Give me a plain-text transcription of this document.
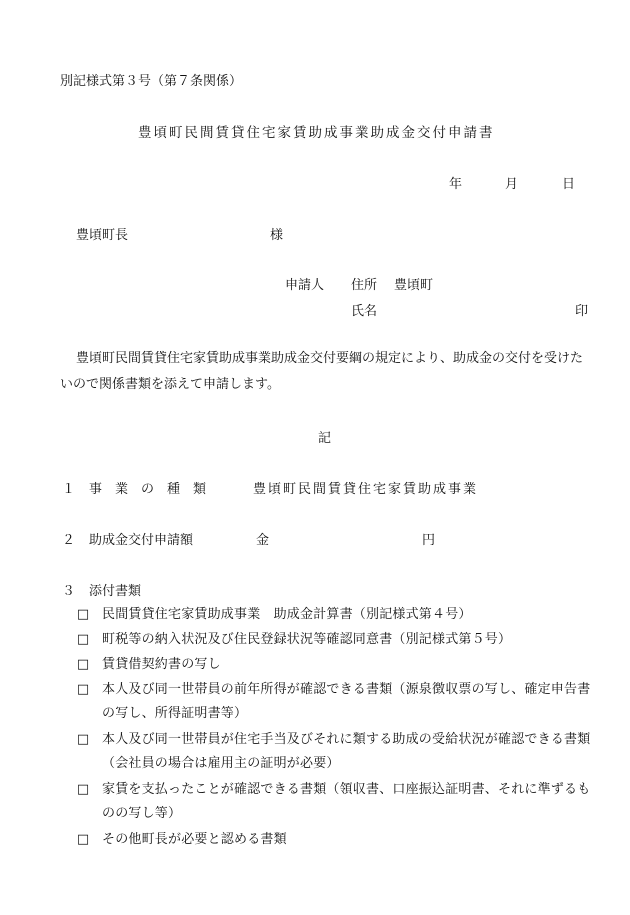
別記様式第３号（第７条関係）
豊頃町民間賃貸住宅家賃助成事業助成金交付申請書
年	月	日
豊頃町長	様
申請人 住所 豊頃町
氏名	印
豊頃町民間賃貸住宅家賃助成事業助成金交付要綱の規定により、助成金の交付を受けたいので関係書類を添えて申請します。
記
１ 事　業　の　種　類	豊頃町民間賃貸住宅家賃助成事業
２ 助成金交付申請額	金	円
３ 添付書類
□ 民間賃貸住宅家賃助成事業　助成金計算書（別記様式第４号）
□ 町税等の納入状況及び住民登録状況等確認同意書（別記様式第５号）
□ 賃貸借契約書の写し
□ 本人及び同一世帯員の前年所得が確認できる書類（源泉徴収票の写し、確定申告書の写し、所得証明書等）
□ 本人及び同一世帯員が住宅手当及びそれに類する助成の受給状況が確認できる書類（会社員の場合は雇用主の証明が必要）
□ 家賃を支払ったことが確認できる書類（領収書、口座振込証明書、それに準ずるものの写し等）
□ その他町長が必要と認める書類
